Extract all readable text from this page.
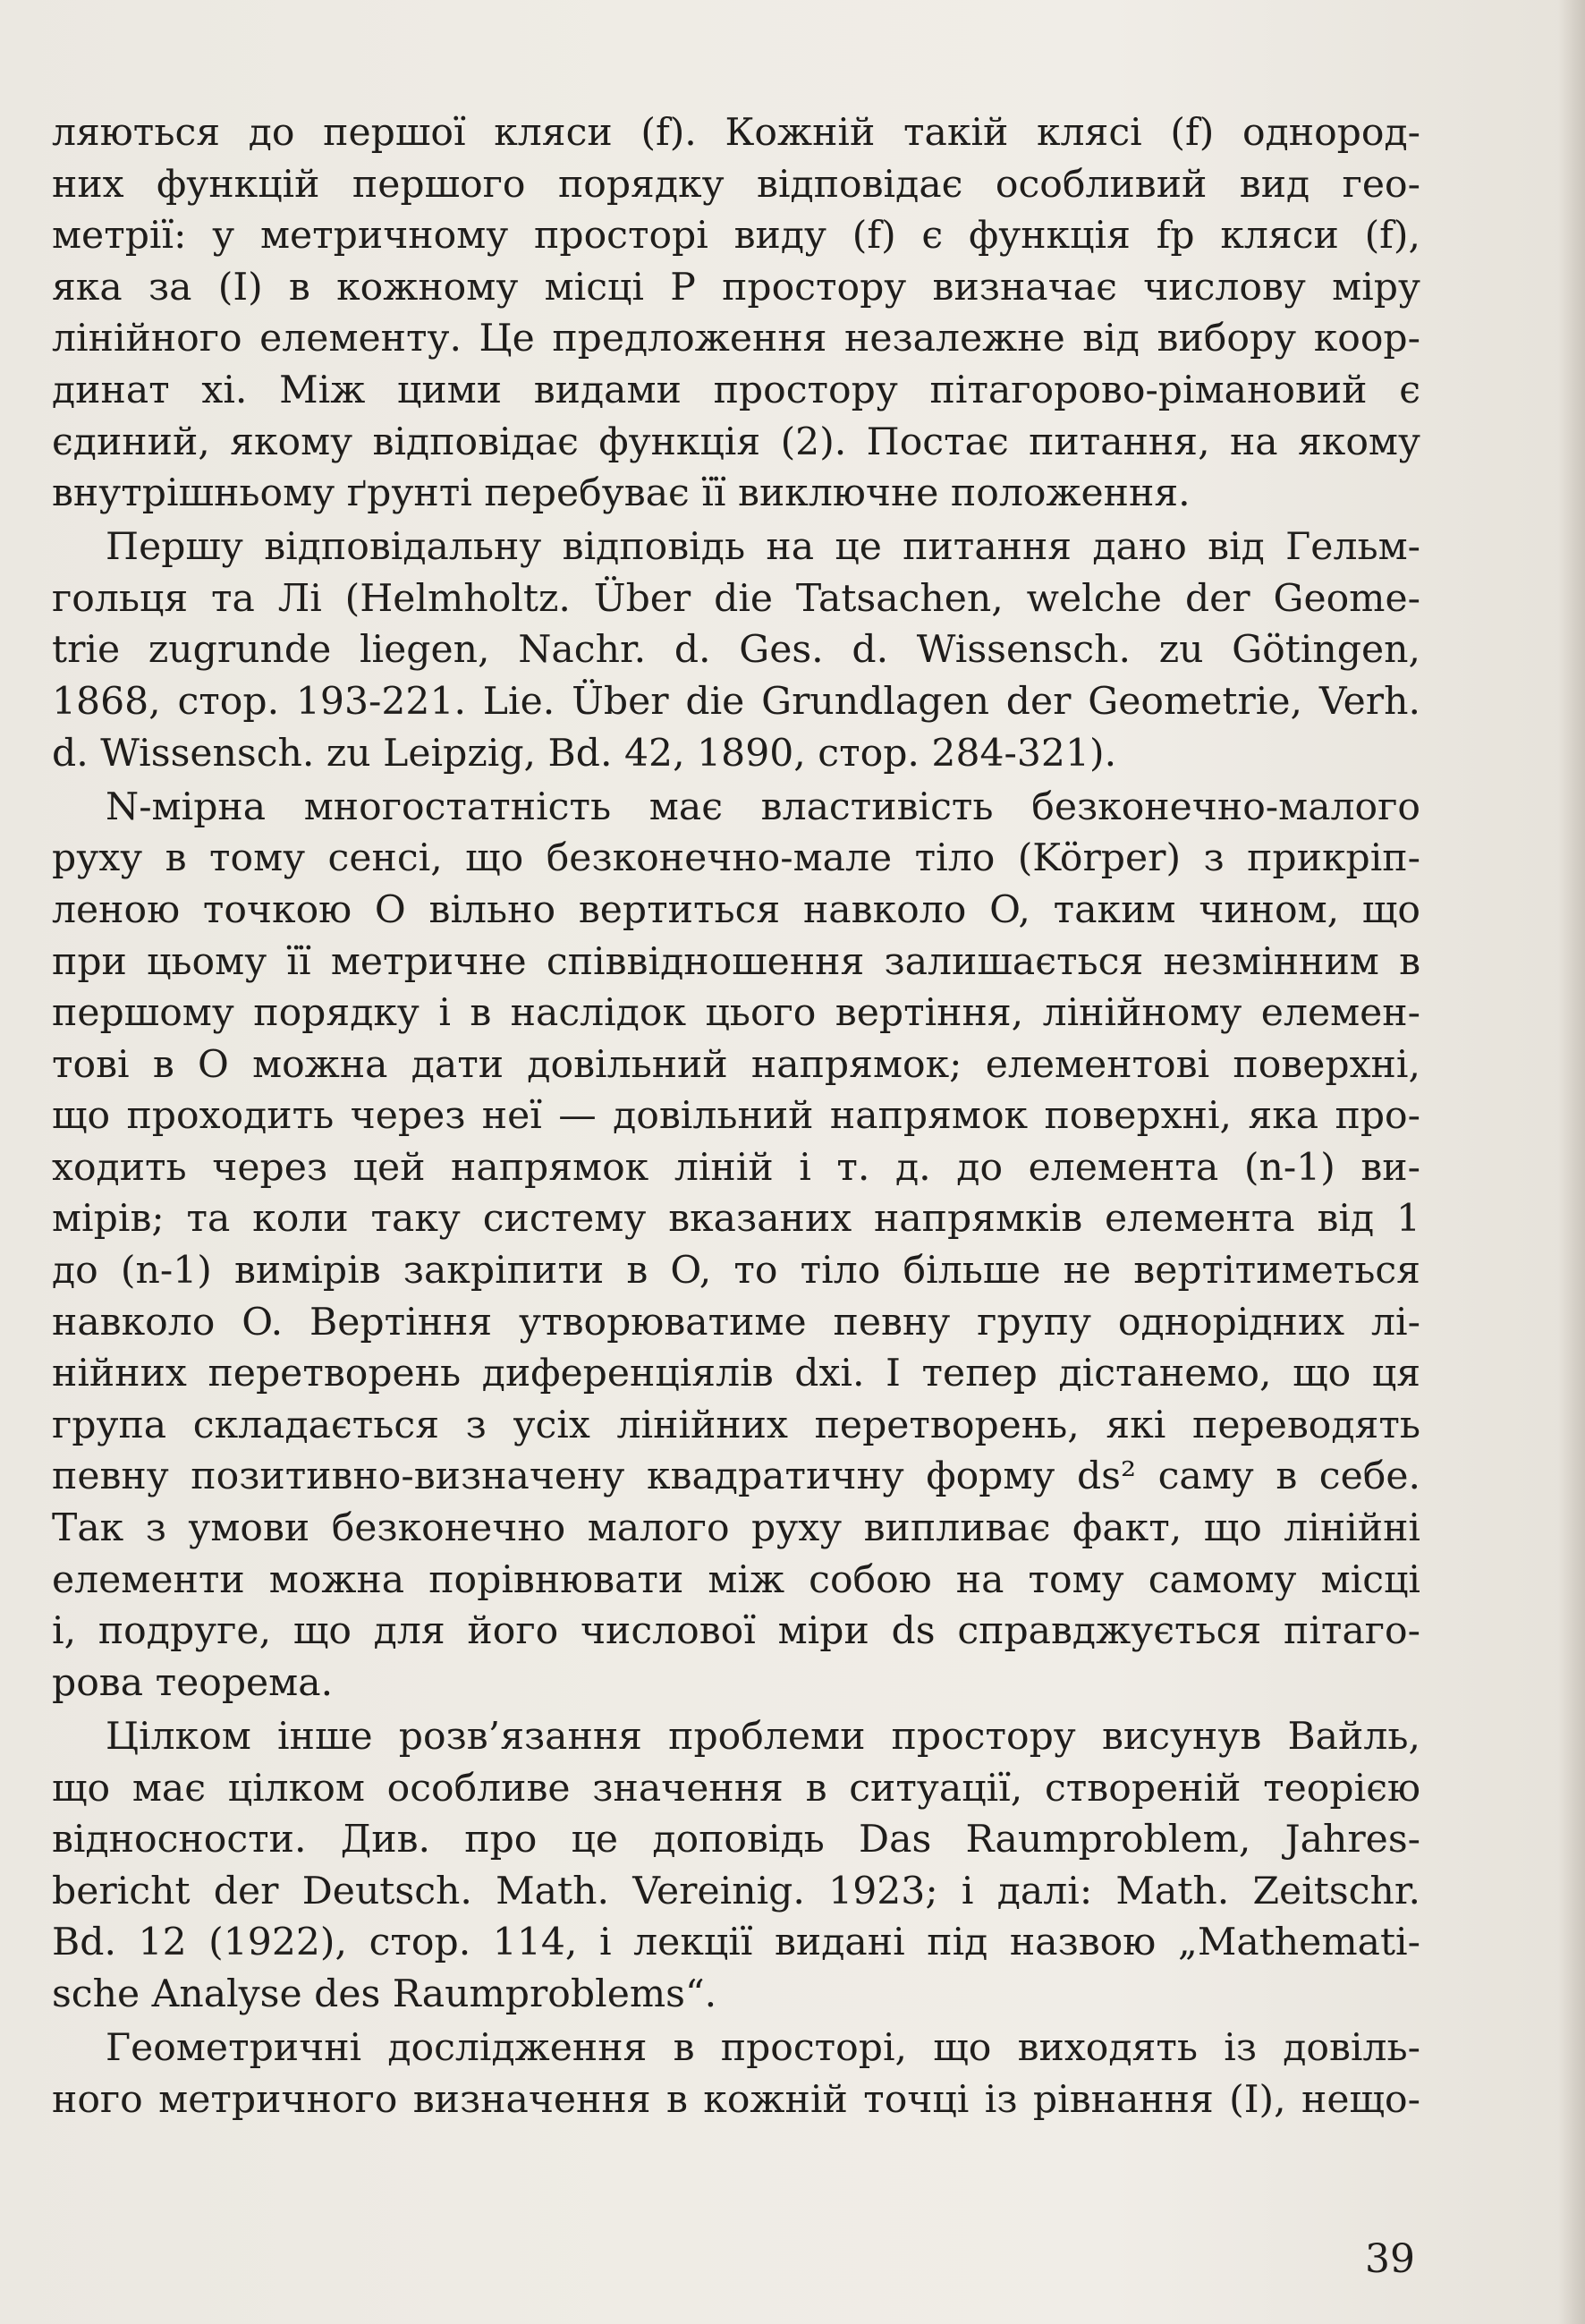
ляються до першої кляси (f). Кожній такій клясі (f) однород-
них функцій першого порядку відповідає особливий вид гео-
метрії: у метричному просторі виду (f) є функція fp кляси (f),
яка за (I) в кожному місці P простору визначає числову міру
лінійного елементу. Це предложення незалежне від вибору коор-
динат xi. Між цими видами простору пітагорово-рімановий є
єдиний, якому відповідає функція (2). Постає питання, на якому
внутрішньому ґрунті перебуває її виключне положення.
Першу відповідальну відповідь на це питання дано від Гельм-
гольця та Лі (Helmholtz. Über die Tatsachen, welche der Geome-
trie zugrunde liegen, Nachr. d. Ges. d. Wissensch. zu Götingen,
1868, стор. 193-221. Lie. Über die Grundlagen der Geometrie, Verh.
d. Wissensch. zu Leipzig, Bd. 42, 1890, стор. 284-321).
N-мірна многостатність має властивість безконечно-малого
руху в тому сенсі, що безконечно-мале тіло (Körper) з прикріп-
леною точкою O вільно вертиться навколо O, таким чином, що
при цьому її метричне співвідношення залишається незмінним в
першому порядку і в наслідок цього вертіння, лінійному елемен-
тові в O можна дати довільний напрямок; елементові поверхні,
що проходить через неї — довільний напрямок поверхні, яка про-
ходить через цей напрямок ліній і т. д. до елемента (n-1) ви-
мірів; та коли таку систему вказаних напрямків елемента від 1
до (n-1) вимірів закріпити в O, то тіло більше не вертітиметься
навколо O. Вертіння утворюватиме певну групу однорідних лі-
нійних перетворень диференціялів dxi. І тепер дістанемо, що ця
група складається з усіх лінійних перетворень, які переводять
певну позитивно-визначену квадратичну форму ds² саму в себе.
Так з умови безконечно малого руху випливає факт, що лінійні
елементи можна порівнювати між собою на тому самому місці
і, подруге, що для його числової міри ds справджується пітаго-
рова теорема.
Цілком інше розв’язання проблеми простору висунув Вайль,
що має цілком особливе значення в ситуації, створеній теорією
відносности. Див. про це доповідь Das Raumproblem, Jahres-
bericht der Deutsch. Math. Vereinig. 1923; і далі: Math. Zeitschr.
Bd. 12 (1922), стор. 114, і лекції видані під назвою „Mathemati-
sche Analyse des Raumproblems“.
Геометричні дослідження в просторі, що виходять із довіль-
ного метричного визначення в кожній точці із рівнання (I), нещо-
39
